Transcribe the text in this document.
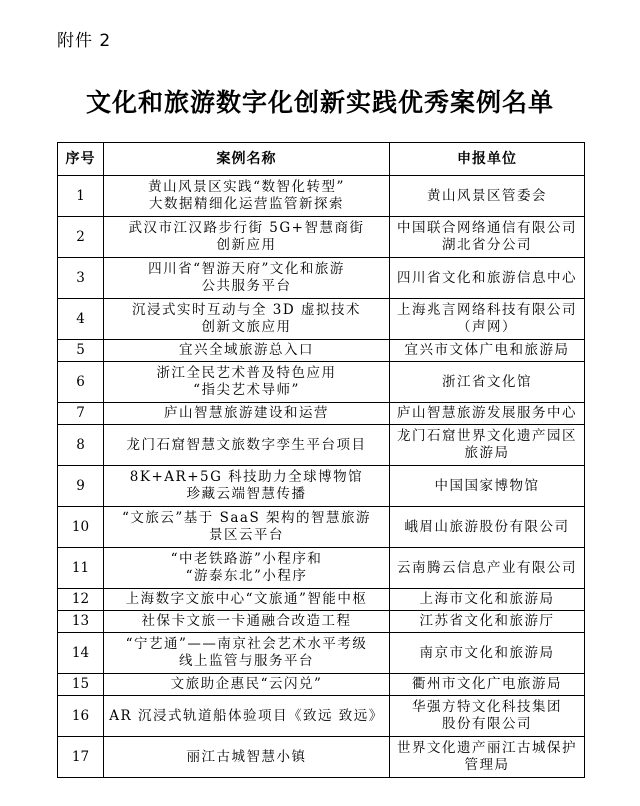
附件 2
文化和旅游数字化创新实践优秀案例名单
序号	案例名称	申报单位
1	黄山风景区实践“数智化转型”
大数据精细化运营监管新探索	黄山风景区管委会

2	武汉市江汉路步行街 5G+智慧商街
创新应用	中国联合网络通信有限公司
湖北省分公司

3	四川省“智游天府”文化和旅游
公共服务平台	四川省文化和旅游信息中心

4	沉浸式实时互动与全 3D 虚拟技术
创新文旅应用	上海兆言网络科技有限公司
（声网）

5	宜兴全域旅游总入口	宜兴市文体广电和旅游局

6	浙江全民艺术普及特色应用
“指尖艺术导师”	浙江省文化馆

7	庐山智慧旅游建设和运营	庐山智慧旅游发展服务中心

8	龙门石窟智慧文旅数字孪生平台项目	龙门石窟世界文化遗产园区
旅游局

9	8K+AR+5G 科技助力全球博物馆
珍藏云端智慧传播	中国国家博物馆

10	“文旅云”基于 SaaS 架构的智慧旅游
景区云平台	峨眉山旅游股份有限公司

11	“中老铁路游”小程序和
“游泰东北”小程序	云南腾云信息产业有限公司

12	上海数字文旅中心“文旅通”智能中枢	上海市文化和旅游局

13	社保卡文旅一卡通融合改造工程	江苏省文化和旅游厅

14	“宁艺通”——南京社会艺术水平考级
线上监管与服务平台	南京市文化和旅游局

15	文旅助企惠民“云闪兑”	衢州市文化广电旅游局

16	AR 沉浸式轨道船体验项目《致远 致远》	华强方特文化科技集团
股份有限公司

17	丽江古城智慧小镇	世界文化遗产丽江古城保护
管理局
